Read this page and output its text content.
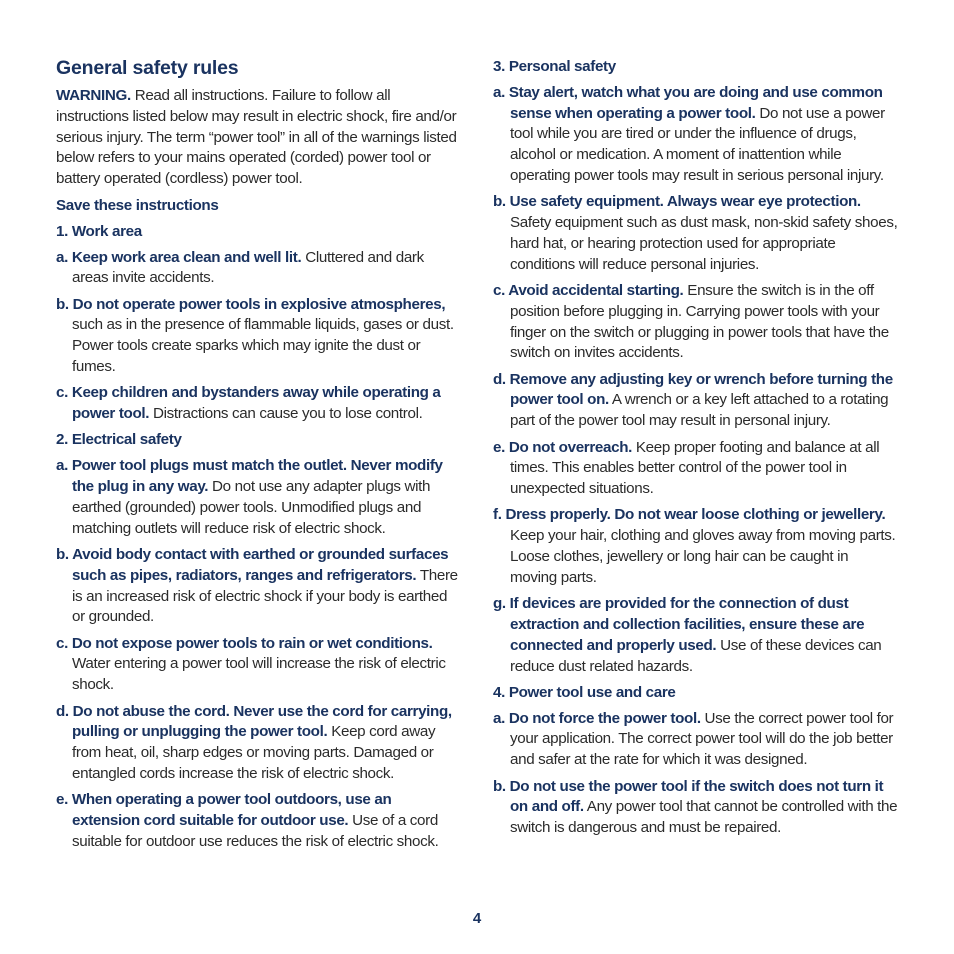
General safety rules

WARNING. Read all instructions. Failure to follow all instructions listed below may result in electric shock, fire and/or serious injury. The term “power tool” in all of the warnings listed below refers to your mains operated (corded) power tool or battery operated (cordless) power tool.

Save these instructions

1. Work area

a. Keep work area clean and well lit. Cluttered and dark areas invite accidents.

b. Do not operate power tools in explosive atmospheres, such as in the presence of flammable liquids, gases or dust. Power tools create sparks which may ignite the dust or fumes.

c. Keep children and bystanders away while operating a power tool. Distractions can cause you to lose control.

2. Electrical safety

a. Power tool plugs must match the outlet. Never modify the plug in any way. Do not use any adapter plugs with earthed (grounded) power tools. Unmodified plugs and matching outlets will reduce risk of electric shock.

b. Avoid body contact with earthed or grounded surfaces such as pipes, radiators, ranges and refrigerators. There is an increased risk of electric shock if your body is earthed or grounded.

c. Do not expose power tools to rain or wet conditions. Water entering a power tool will increase the risk of electric shock.

d. Do not abuse the cord. Never use the cord for carrying, pulling or unplugging the power tool. Keep cord away from heat, oil, sharp edges or moving parts. Damaged or entangled cords increase the risk of electric shock.

e. When operating a power tool outdoors, use an extension cord suitable for outdoor use. Use of a cord suitable for outdoor use reduces the risk of electric shock.

3. Personal safety

a. Stay alert, watch what you are doing and use common sense when operating a power tool. Do not use a power tool while you are tired or under the influence of drugs, alcohol or medication. A moment of inattention while operating power tools may result in serious personal injury.

b. Use safety equipment. Always wear eye protection. Safety equipment such as dust mask, non-skid safety shoes, hard hat, or hearing protection used for appropriate conditions will reduce personal injuries.

c. Avoid accidental starting. Ensure the switch is in the off position before plugging in. Carrying power tools with your finger on the switch or plugging in power tools that have the switch on invites accidents.

d. Remove any adjusting key or wrench before turning the power tool on. A wrench or a key left attached to a rotating part of the power tool may result in personal injury.

e. Do not overreach. Keep proper footing and balance at all times. This enables better control of the power tool in unexpected situations.

f. Dress properly. Do not wear loose clothing or jewellery. Keep your hair, clothing and gloves away from moving parts. Loose clothes, jewellery or long hair can be caught in moving parts.

g. If devices are provided for the connection of dust extraction and collection facilities, ensure these are connected and properly used. Use of these devices can reduce dust related hazards.

4. Power tool use and care

a. Do not force the power tool. Use the correct power tool for your application. The correct power tool will do the job better and safer at the rate for which it was designed.

b. Do not use the power tool if the switch does not turn it on and off. Any power tool that cannot be controlled with the switch is dangerous and must be repaired.

4
